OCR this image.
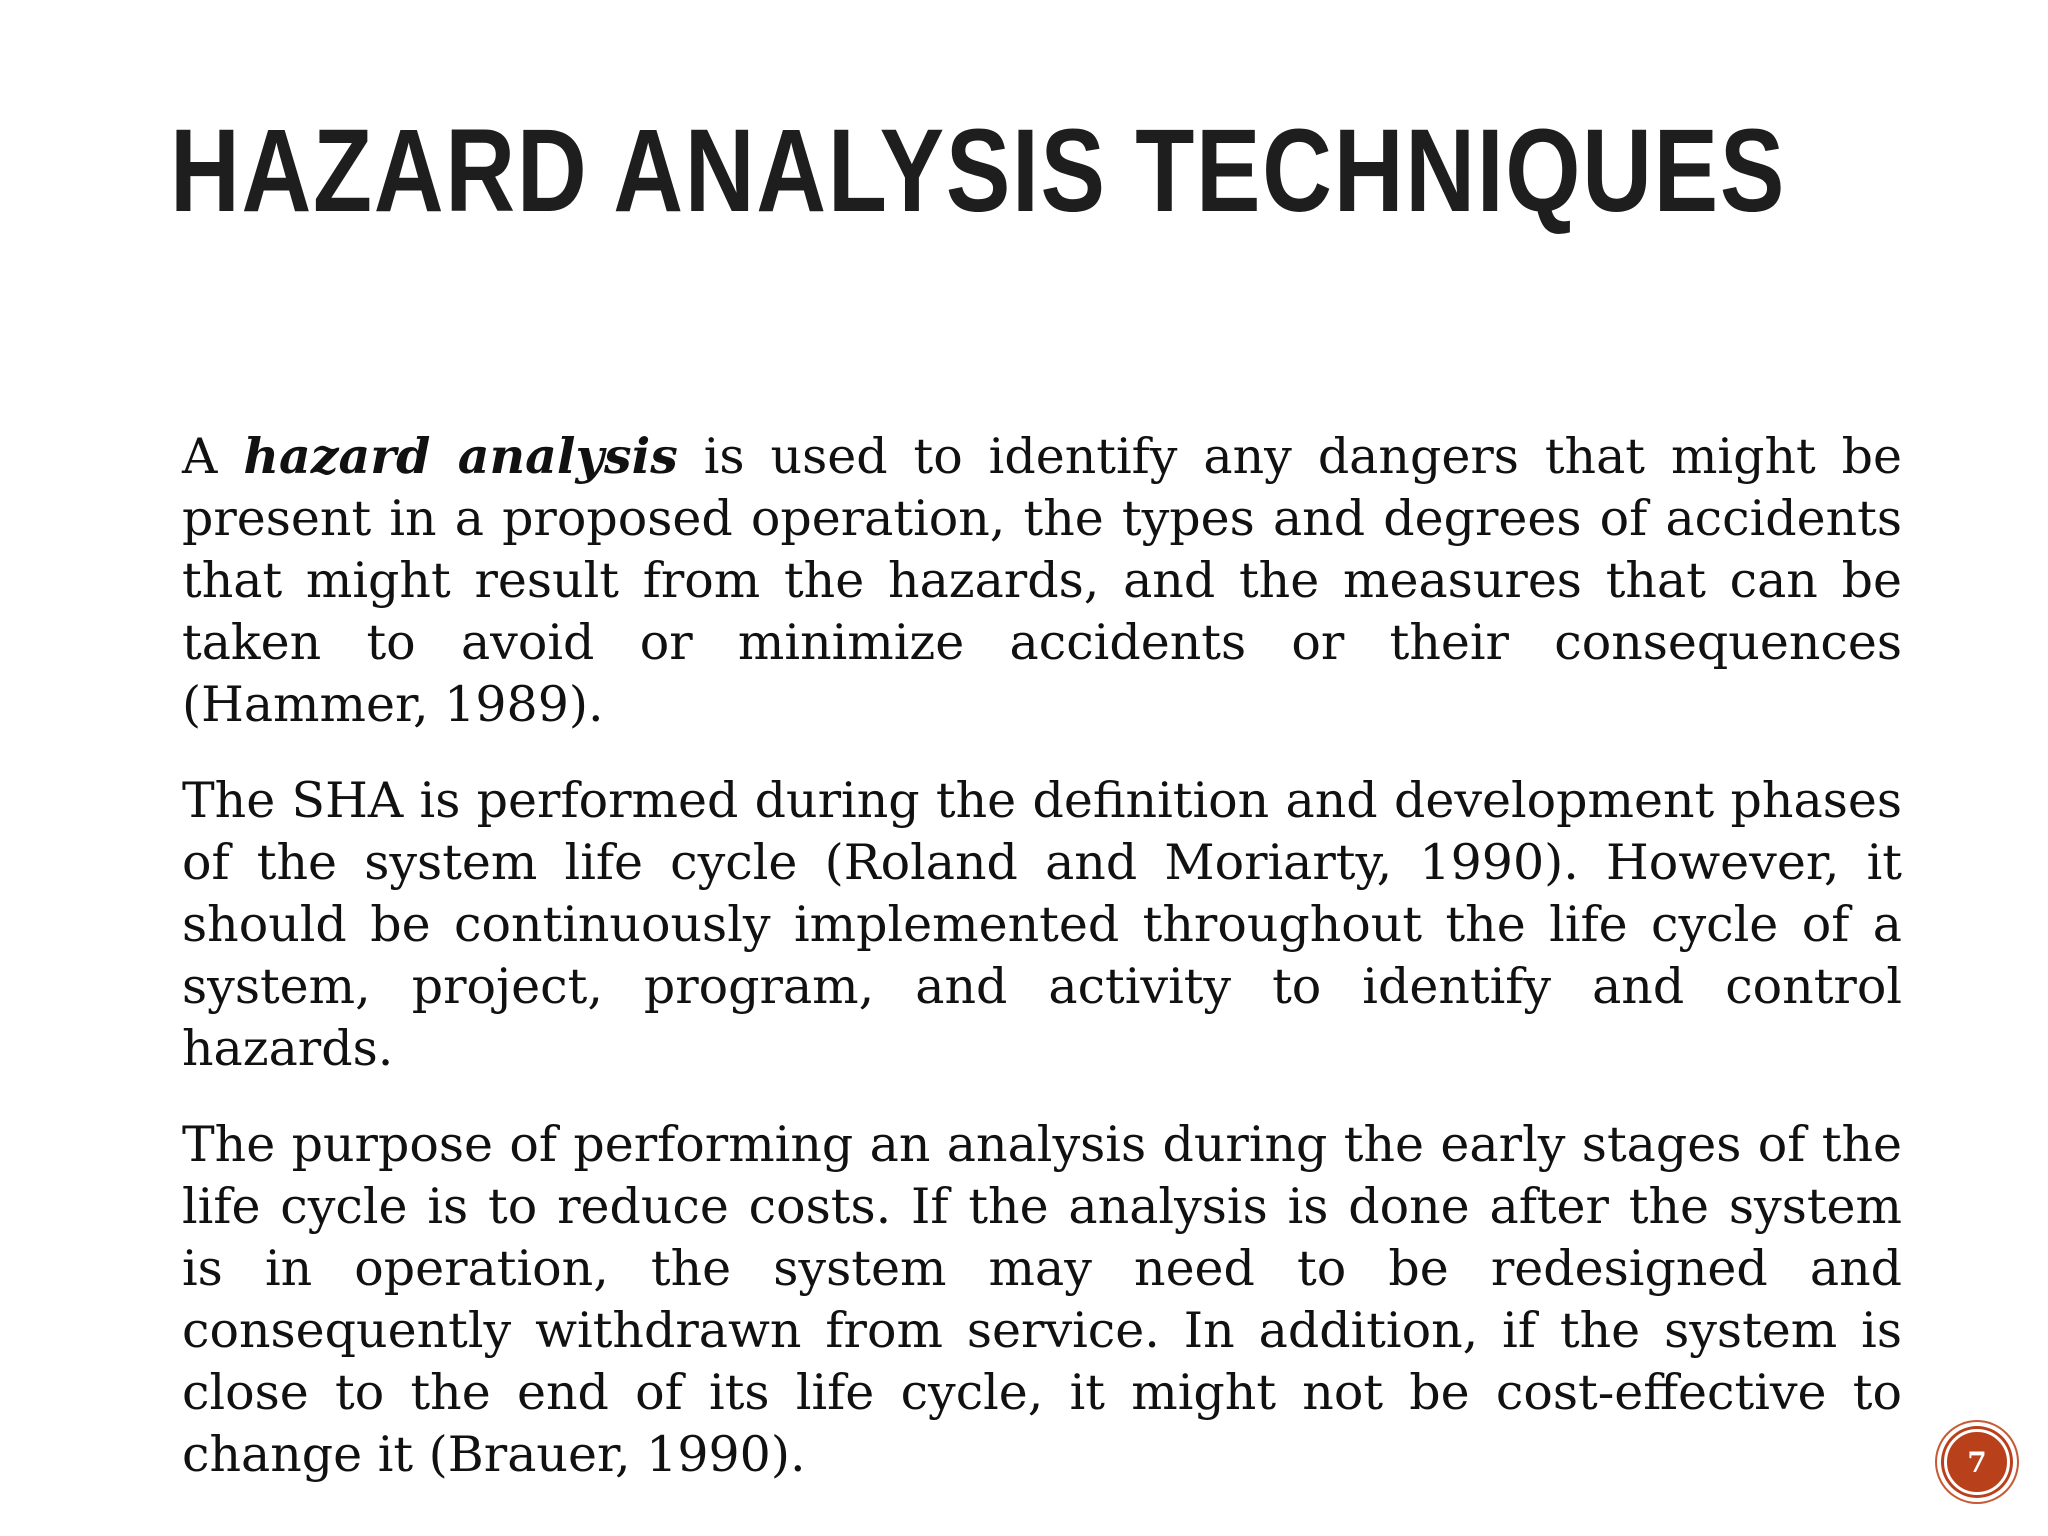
HAZARD ANALYSIS TECHNIQUES

A hazard analysis is used to identify any dangers that might be present in a proposed operation, the types and degrees of accidents that might result from the hazards, and the measures that can be taken to avoid or minimize accidents or their consequences (Hammer, 1989).

The SHA is performed during the definition and development phases of the system life cycle (Roland and Moriarty, 1990). However, it should be continuously implemented throughout the life cycle of a system, project, program, and activity to identify and control hazards.

The purpose of performing an analysis during the early stages of the life cycle is to reduce costs. If the analysis is done after the system is in operation, the system may need to be redesigned and consequently withdrawn from service. In addition, if the system is close to the end of its life cycle, it might not be cost-effective to change it (Brauer, 1990).	7
